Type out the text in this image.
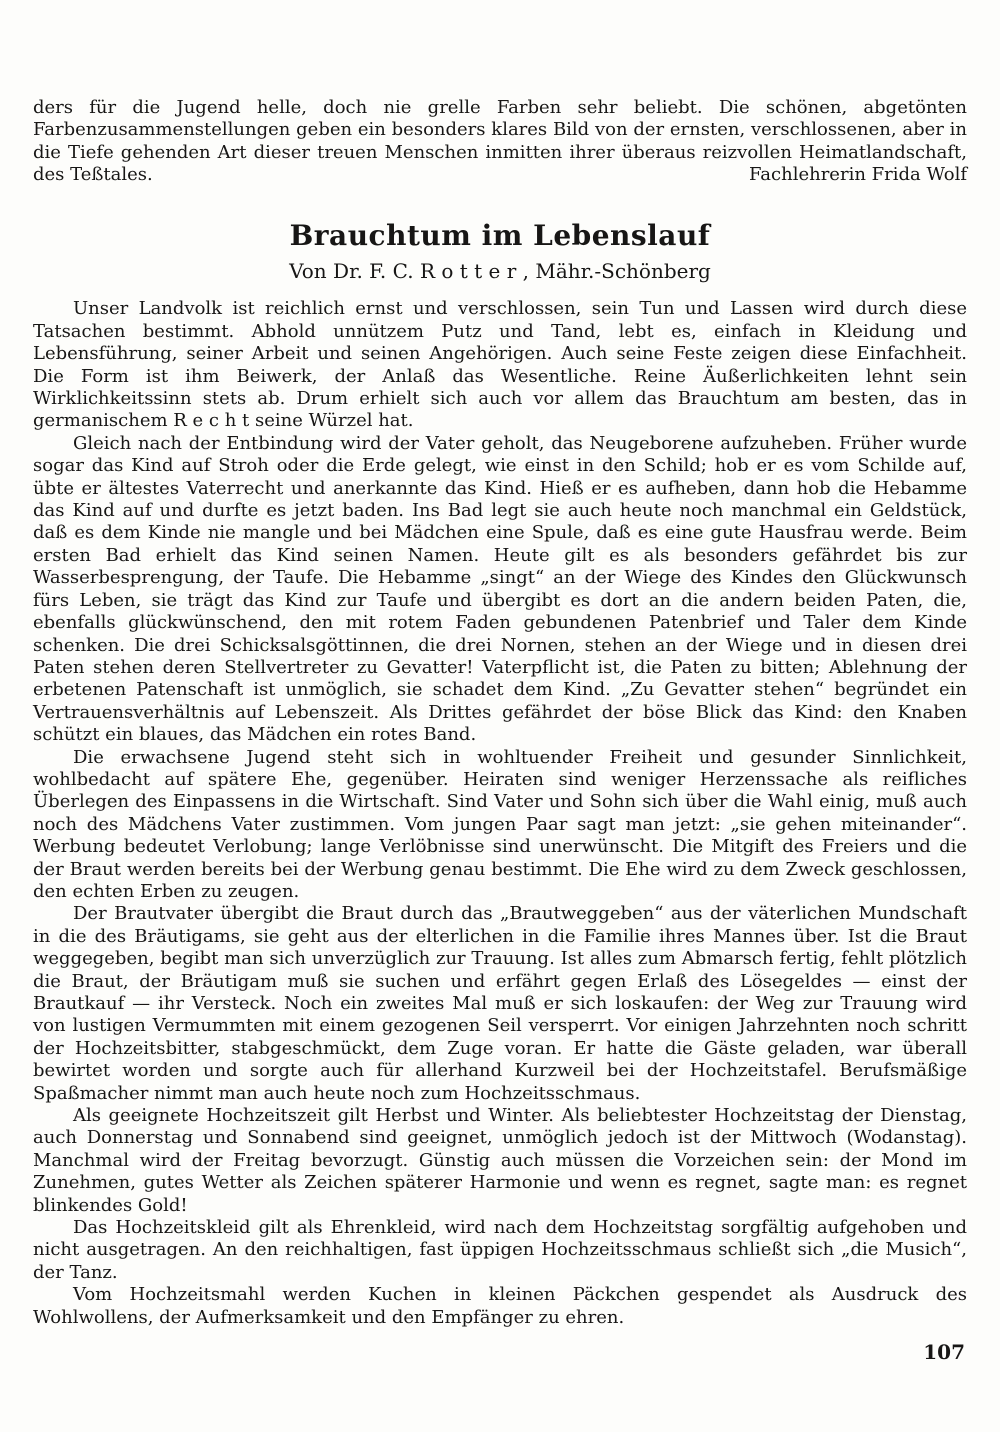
ders für die Jugend helle, doch nie grelle Farben sehr beliebt. Die schönen, abgetönten Farbenzusammenstellungen geben ein besonders klares Bild von der ernsten, verschlossenen, aber in die Tiefe gehenden Art dieser treuen Menschen inmitten ihrer überaus reizvollen Heimatlandschaft, des Teßtales.	Fachlehrerin Frida Wolf

Brauchtum im Lebenslauf
Von Dr. F. C. R o t t e r , Mähr.-Schönberg

Unser Landvolk ist reichlich ernst und verschlossen, sein Tun und Lassen wird durch diese Tatsachen bestimmt. Abhold unnützem Putz und Tand, lebt es, einfach in Kleidung und Lebensführung, seiner Arbeit und seinen Angehörigen. Auch seine Feste zeigen diese Einfachheit. Die Form ist ihm Beiwerk, der Anlaß das Wesentliche. Reine Äußerlichkeiten lehnt sein Wirklichkeitssinn stets ab. Drum erhielt sich auch vor allem das Brauchtum am besten, das in germanischem R e c h t seine Würzel hat.

Gleich nach der Entbindung wird der Vater geholt, das Neugeborene aufzuheben. Früher wurde sogar das Kind auf Stroh oder die Erde gelegt, wie einst in den Schild; hob er es vom Schilde auf, übte er ältestes Vaterrecht und anerkannte das Kind. Hieß er es aufheben, dann hob die Hebamme das Kind auf und durfte es jetzt baden. Ins Bad legt sie auch heute noch manchmal ein Geldstück, daß es dem Kinde nie mangle und bei Mädchen eine Spule, daß es eine gute Hausfrau werde. Beim ersten Bad erhielt das Kind seinen Namen. Heute gilt es als besonders gefährdet bis zur Wasserbesprengung, der Taufe. Die Hebamme „singt“ an der Wiege des Kindes den Glückwunsch fürs Leben, sie trägt das Kind zur Taufe und übergibt es dort an die andern beiden Paten, die, ebenfalls glückwünschend, den mit rotem Faden gebundenen Patenbrief und Taler dem Kinde schenken. Die drei Schicksalsgöttinnen, die drei Nornen, stehen an der Wiege und in diesen drei Paten stehen deren Stellvertreter zu Gevatter! Vaterpflicht ist, die Paten zu bitten; Ablehnung der erbetenen Patenschaft ist unmöglich, sie schadet dem Kind. „Zu Gevatter stehen“ begründet ein Vertrauensverhältnis auf Lebenszeit. Als Drittes gefährdet der böse Blick das Kind: den Knaben schützt ein blaues, das Mädchen ein rotes Band.

Die erwachsene Jugend steht sich in wohltuender Freiheit und gesunder Sinnlichkeit, wohlbedacht auf spätere Ehe, gegenüber. Heiraten sind weniger Herzenssache als reifliches Überlegen des Einpassens in die Wirtschaft. Sind Vater und Sohn sich über die Wahl einig, muß auch noch des Mädchens Vater zustimmen. Vom jungen Paar sagt man jetzt: „sie gehen miteinander“. Werbung bedeutet Verlobung; lange Verlöbnisse sind unerwünscht. Die Mitgift des Freiers und die der Braut werden bereits bei der Werbung genau bestimmt. Die Ehe wird zu dem Zweck geschlossen, den echten Erben zu zeugen.

Der Brautvater übergibt die Braut durch das „Brautweggeben“ aus der väterlichen Mundschaft in die des Bräutigams, sie geht aus der elterlichen in die Familie ihres Mannes über. Ist die Braut weggegeben, begibt man sich unverzüglich zur Trauung. Ist alles zum Abmarsch fertig, fehlt plötzlich die Braut, der Bräutigam muß sie suchen und erfährt gegen Erlaß des Lösegeldes — einst der Brautkauf — ihr Versteck. Noch ein zweites Mal muß er sich loskaufen: der Weg zur Trauung wird von lustigen Vermummten mit einem gezogenen Seil versperrt. Vor einigen Jahrzehnten noch schritt der Hochzeitsbitter, stabgeschmückt, dem Zuge voran. Er hatte die Gäste geladen, war überall bewirtet worden und sorgte auch für allerhand Kurzweil bei der Hochzeitstafel. Berufsmäßige Spaßmacher nimmt man auch heute noch zum Hochzeitsschmaus.

Als geeignete Hochzeitszeit gilt Herbst und Winter. Als beliebtester Hochzeitstag der Dienstag, auch Donnerstag und Sonnabend sind geeignet, unmöglich jedoch ist der Mittwoch (Wodanstag). Manchmal wird der Freitag bevorzugt. Günstig auch müssen die Vorzeichen sein: der Mond im Zunehmen, gutes Wetter als Zeichen späterer Harmonie und wenn es regnet, sagte man: es regnet blinkendes Gold!

Das Hochzeitskleid gilt als Ehrenkleid, wird nach dem Hochzeitstag sorgfältig aufgehoben und nicht ausgetragen. An den reichhaltigen, fast üppigen Hochzeitsschmaus schließt sich „die Musich“, der Tanz.

Vom Hochzeitsmahl werden Kuchen in kleinen Päckchen gespendet als Ausdruck des Wohlwollens, der Aufmerksamkeit und den Empfänger zu ehren.

107
